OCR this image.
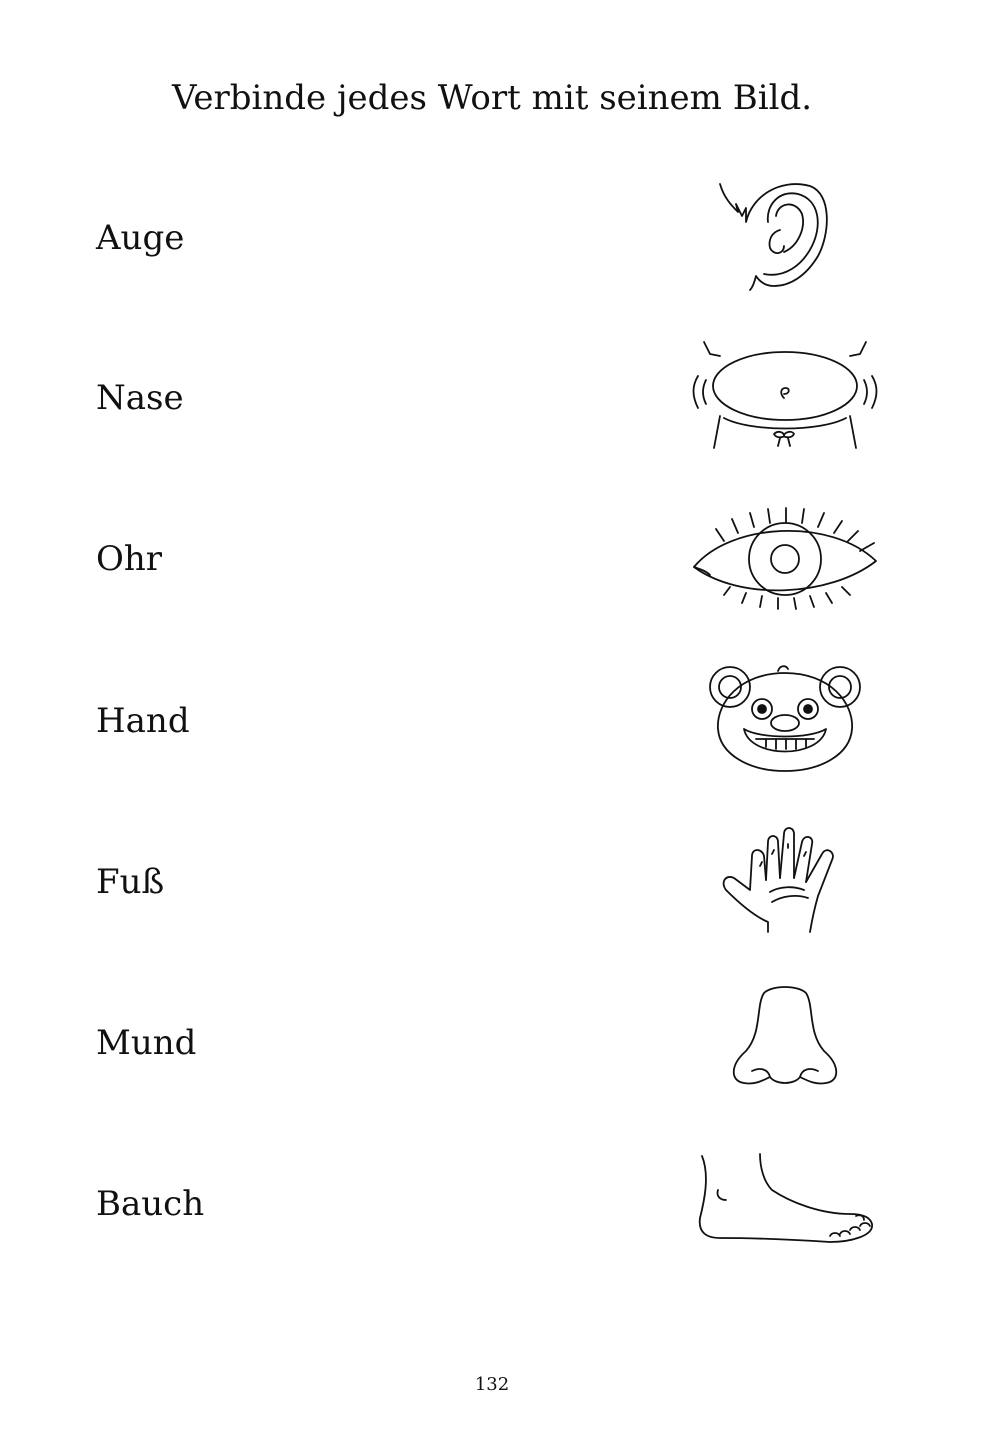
Verbinde jedes Wort mit seinem Bild.
Auge
Nase
Ohr
Hand
Fuß
Mund
Bauch
132
